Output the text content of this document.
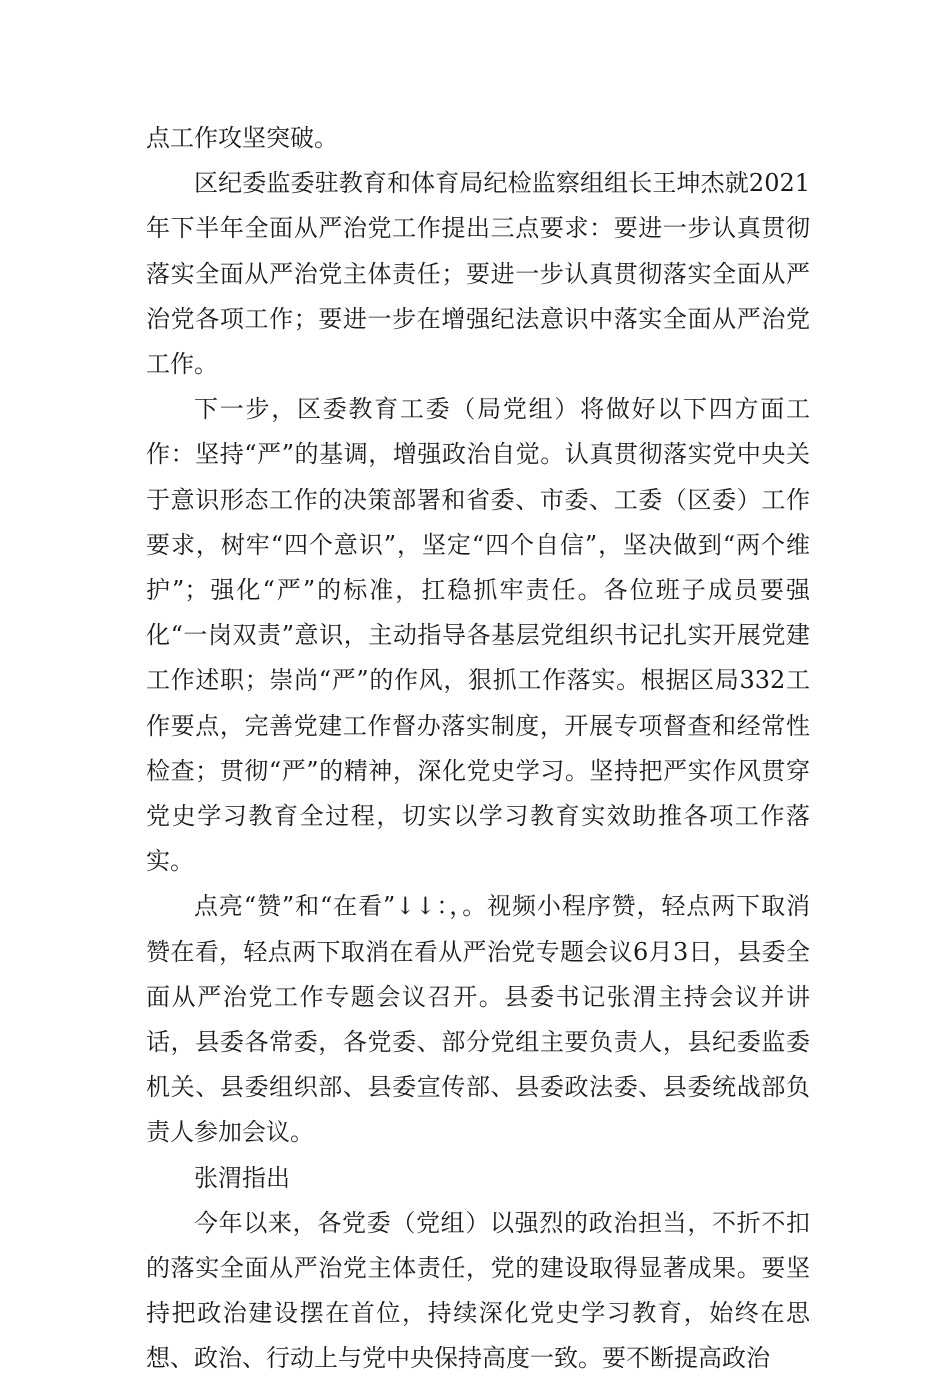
点工作攻坚突破。

区纪委监委驻教育和体育局纪检监察组组长王坤杰就2021年下半年全面从严治党工作提出三点要求：要进一步认真贯彻落实全面从严治党主体责任；要进一步认真贯彻落实全面从严治党各项工作；要进一步在增强纪法意识中落实全面从严治党工作。

下一步，区委教育工委（局党组）将做好以下四方面工作：坚持“严”的基调，增强政治自觉。认真贯彻落实党中央关于意识形态工作的决策部署和省委、市委、工委（区委）工作要求，树牢“四个意识”，坚定“四个自信”，坚决做到“两个维护”；强化“严”的标准，扛稳抓牢责任。各位班子成员要强化“一岗双责”意识，主动指导各基层党组织书记扎实开展党建工作述职；崇尚“严”的作风，狠抓工作落实。根据区局332工作要点，完善党建工作督办落实制度，开展专项督查和经常性检查；贯彻“严”的精神，深化党史学习。坚持把严实作风贯穿党史学习教育全过程，切实以学习教育实效助推各项工作落实。

点亮“赞”和“在看”↓↓：，。视频小程序赞，轻点两下取消赞在看，轻点两下取消在看从严治党专题会议6月3日，县委全面从严治党工作专题会议召开。县委书记张渭主持会议并讲话，县委各常委，各党委、部分党组主要负责人，县纪委监委机关、县委组织部、县委宣传部、县委政法委、县委统战部负责人参加会议。

张渭指出

今年以来，各党委（党组）以强烈的政治担当，不折不扣的落实全面从严治党主体责任，党的建设取得显著成果。要坚持把政治建设摆在首位，持续深化党史学习教育，始终在思想、政治、行动上与党中央保持高度一致。要不断提高政治
